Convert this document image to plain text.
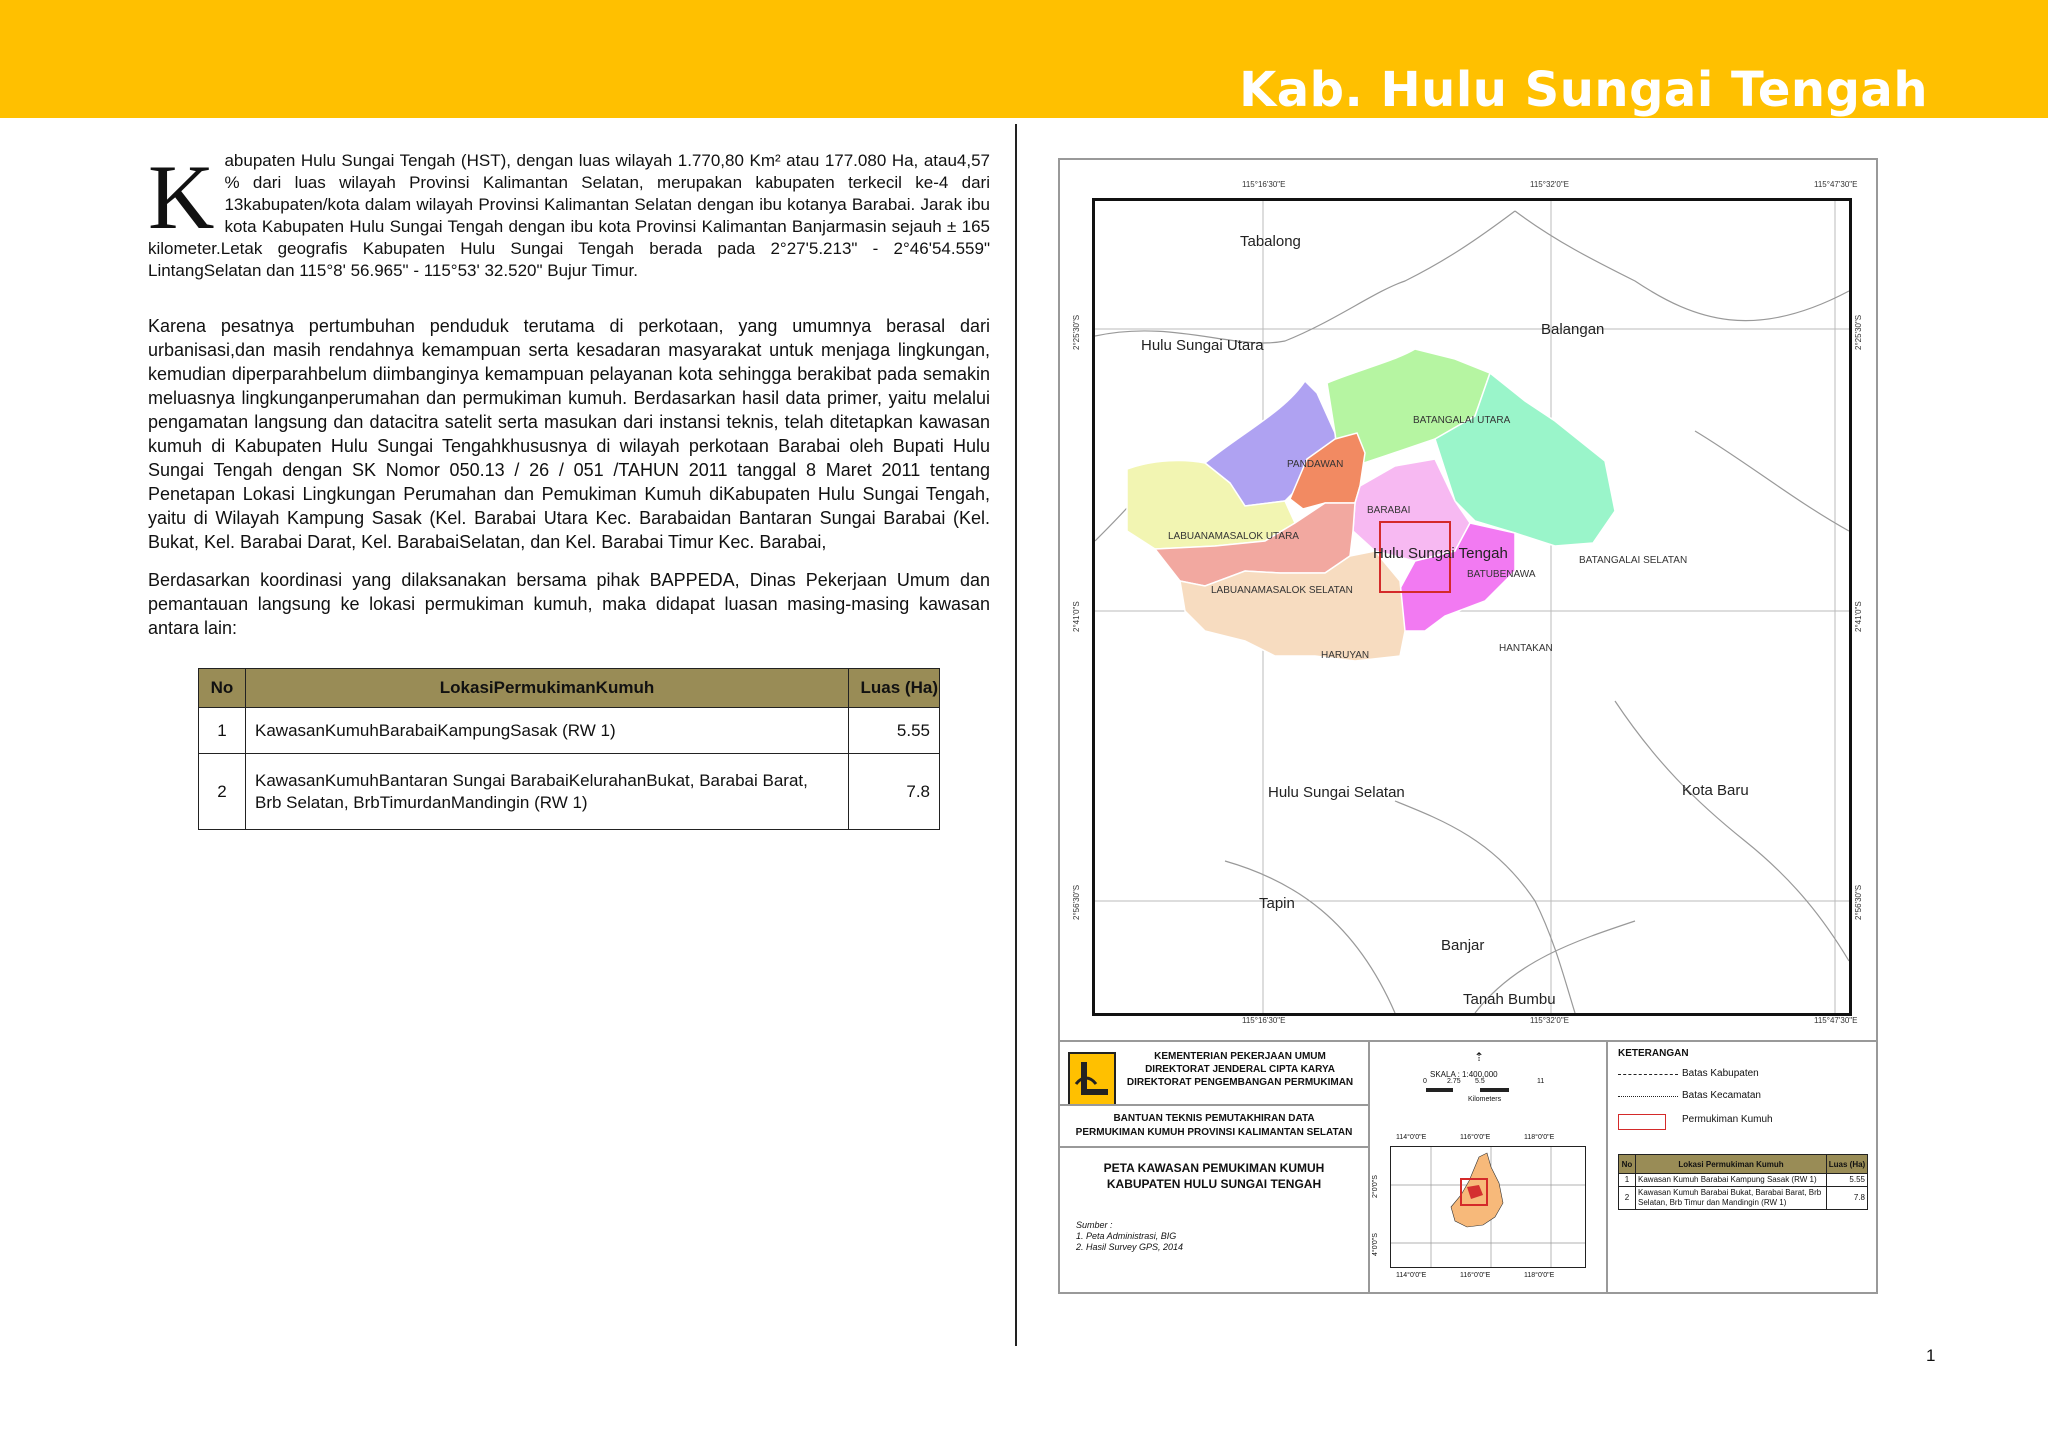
Kab. Hulu Sungai Tengah

K abupaten Hulu Sungai Tengah (HST), dengan luas wilayah 1.770,80 Km² atau 177.080 Ha, atau4,57 % dari luas wilayah Provinsi Kalimantan Selatan, merupakan kabupaten terkecil ke-4 dari 13kabupaten/kota dalam wilayah Provinsi Kalimantan Selatan dengan ibu kotanya Barabai. Jarak ibu kota Kabupaten Hulu Sungai Tengah dengan ibu kota Provinsi Kalimantan Banjarmasin sejauh ± 165 kilometer.Letak geografis Kabupaten Hulu Sungai Tengah berada pada 2°27'5.213" - 2°46'54.559" LintangSelatan dan 115°8' 56.965" - 115°53' 32.520" Bujur Timur.

Karena pesatnya pertumbuhan penduduk terutama di perkotaan, yang umumnya berasal dari urbanisasi,dan masih rendahnya kemampuan serta kesadaran masyarakat untuk menjaga lingkungan, kemudian diperparahbelum diimbanginya kemampuan pelayanan kota sehingga berakibat pada semakin meluasnya lingkunganperumahan dan permukiman kumuh. Berdasarkan hasil data primer, yaitu melalui pengamatan langsung dan datacitra satelit serta masukan dari instansi teknis, telah ditetapkan kawasan kumuh di Kabupaten Hulu Sungai Tengahkhususnya di wilayah perkotaan Barabai oleh Bupati Hulu Sungai Tengah dengan SK Nomor 050.13 / 26 / 051 /TAHUN 2011 tanggal 8 Maret 2011 tentang Penetapan Lokasi Lingkungan Perumahan dan Pemukiman Kumuh diKabupaten Hulu Sungai Tengah, yaitu di Wilayah Kampung Sasak (Kel. Barabai Utara Kec. Barabaidan Bantaran Sungai Barabai (Kel. Bukat, Kel. Barabai Darat, Kel. BarabaiSelatan, dan Kel. Barabai Timur Kec. Barabai,

Berdasarkan koordinasi yang dilaksanakan bersama pihak BAPPEDA, Dinas Pekerjaan Umum dan pemantauan langsung ke lokasi permukiman kumuh, maka didapat luasan masing-masing kawasan antara lain:

No	LokasiPermukimanKumuh	Luas (Ha)
1	KawasanKumuhBarabaiKampungSasak (RW 1)	5.55
2	KawasanKumuhBantaran Sungai BarabaiKelurahanBukat, Barabai Barat, Brb Selatan, BrbTimurdanMandingin (RW 1)	7.8
1
115°16'30"E	115°32'0"E	115°47'30"E
115°16'30"E	115°32'0"E	115°47'30"E
2°25'30"S
2°41'0"S
2°56'30"S
2°25'30"S
2°41'0"S
2°56'30"S
Tabalong
Balangan
Hulu Sungai Utara
Hulu Sungai Tengah
Hulu Sungai Selatan	Kota Baru
Tapin
Banjar
Tanah Bumbu
PANDAWAN
BATANGALAI UTARA
BARABAI
LABUANAMASALOK UTARA
BATANGALAI SELATAN
BATUBENAWA
LABUANAMASALOK SELATAN
HANTAKAN
HARUYAN
KEMENTERIAN PEKERJAAN UMUM
DIREKTORAT JENDERAL CIPTA KARYA
DIREKTORAT PENGEMBANGAN PERMUKIMAN
BANTUAN TEKNIS PEMUTAKHIRAN DATA
PERMUKIMAN KUMUH PROVINSI KALIMANTAN SELATAN
PETA KAWASAN PEMUKIMAN KUMUH
KABUPATEN HULU SUNGAI TENGAH
Sumber :
1. Peta Administrasi, BIG
2. Hasil Survey GPS, 2014
⇡
SKALA : 1:400,000
0	2.75 5.5	11
Kilometers
114°0'0"E	116°0'0"E	118°0'0"E
114°0'0"E	116°0'0"E	118°0'0"E
2°0'0"S
4°0'0"S
KETERANGAN
Batas Kabupaten
Batas Kecamatan
Permukiman Kumuh
No	Lokasi Permukiman Kumuh	Luas (Ha)
1	Kawasan Kumuh Barabai Kampung Sasak (RW 1)	5.55
2	Kawasan Kumuh Barabai Bukat, Barabai Barat, Brb Selatan, Brb Timur dan Mandingin (RW 1)	7.8
